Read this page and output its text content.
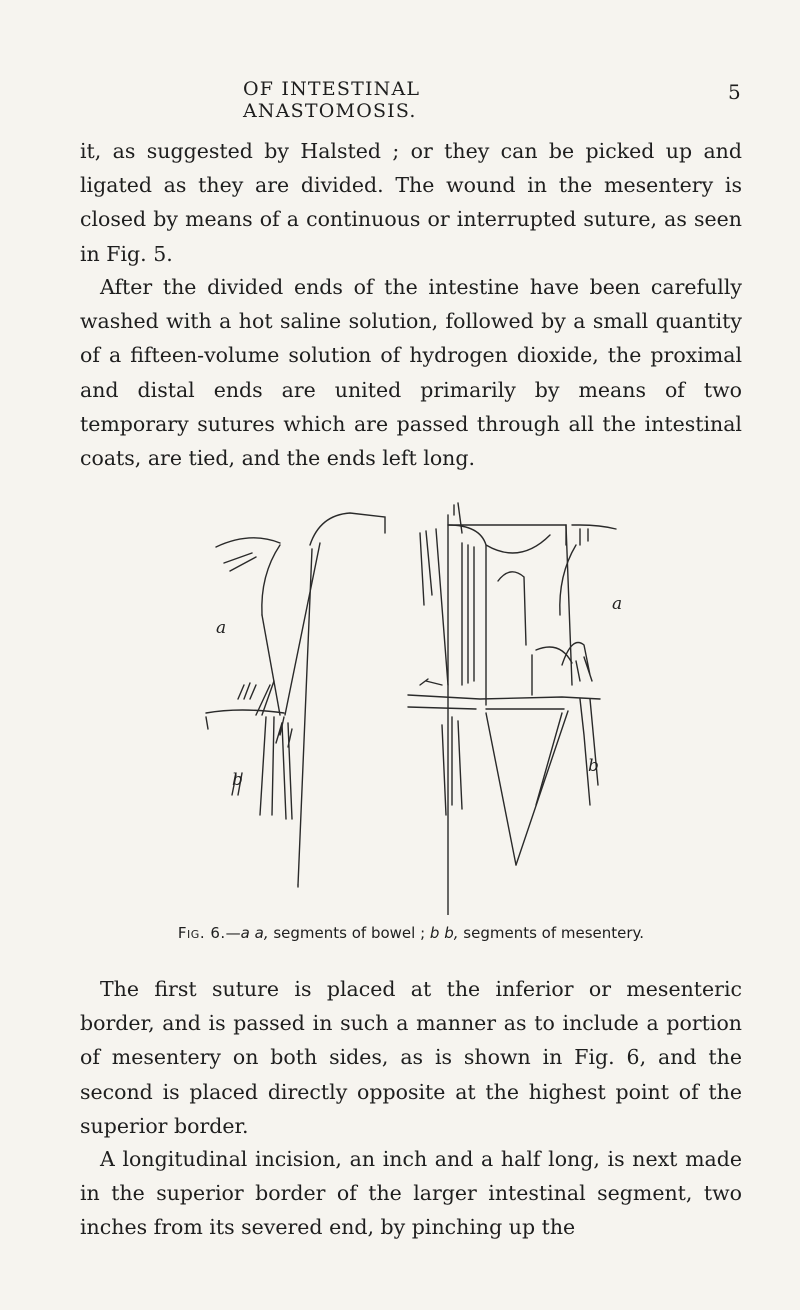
OF INTESTINAL ANASTOMOSIS.
5

it, as suggested by Halsted ; or they can be picked up and ligated as they are divided. The wound in the mesentery is closed by means of a continuous or interrupted suture, as seen in Fig. 5.

After the divided ends of the intestine have been carefully washed with a hot saline solution, followed by a small quantity of a fifteen-volume solution of hydrogen dioxide, the proximal and distal ends are united primarily by means of two temporary sutures which are passed through all the intestinal coats, are tied, and the ends left long.

a
b
a
b
Fig. 6.—a a, segments of bowel ; b b, segments of mesentery.

The first suture is placed at the inferior or mesenteric border, and is passed in such a manner as to include a portion of mesentery on both sides, as is shown in Fig. 6, and the second is placed directly opposite at the highest point of the superior border.

A longitudinal incision, an inch and a half long, is next made in the superior border of the larger intestinal segment, two inches from its severed end, by pinching up the
